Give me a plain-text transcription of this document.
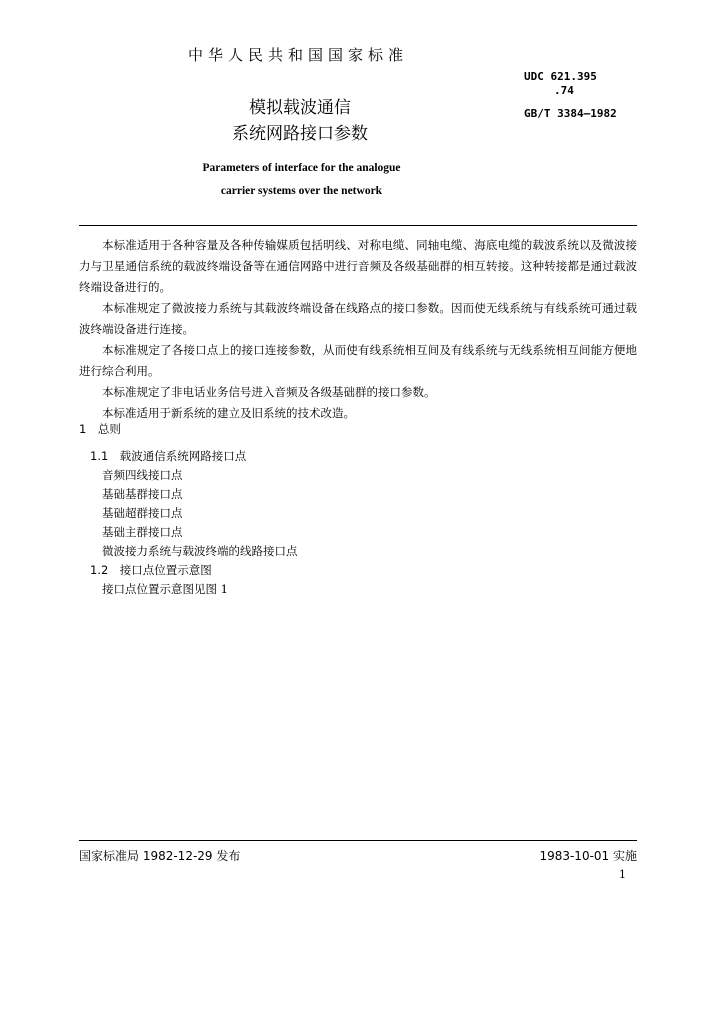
中华人民共和国国家标准
UDC 621.395
.74
GB/T 3384—1982
模拟载波通信
系统网路接口参数
Parameters of interface for the analogue
carrier systems over the network

本标准适用于各种容量及各种传输媒质包括明线、对称电缆、同轴电缆、海底电缆的载波系统以及微波接力与卫星通信系统的载波终端设备等在通信网路中进行音频及各级基础群的相互转接。这种转接都是通过载波终端设备进行的。

本标准规定了微波接力系统与其载波终端设备在线路点的接口参数。因而使无线系统与有线系统可通过载波终端设备进行连接。

本标准规定了各接口点上的接口连接参数，从而使有线系统相互间及有线系统与无线系统相互间能方便地进行综合利用。

本标准规定了非电话业务信号进入音频及各级基础群的接口参数。

本标准适用于新系统的建立及旧系统的技术改造。

1　总则
1.1　载波通信系统网路接口点
音频四线接口点
基础基群接口点
基础超群接口点
基础主群接口点
微波接力系统与载波终端的线路接口点
1.2　接口点位置示意图
接口点位置示意图见图 1
国家标准局 1982-12-29 发布	1983-10-01 实施
1
